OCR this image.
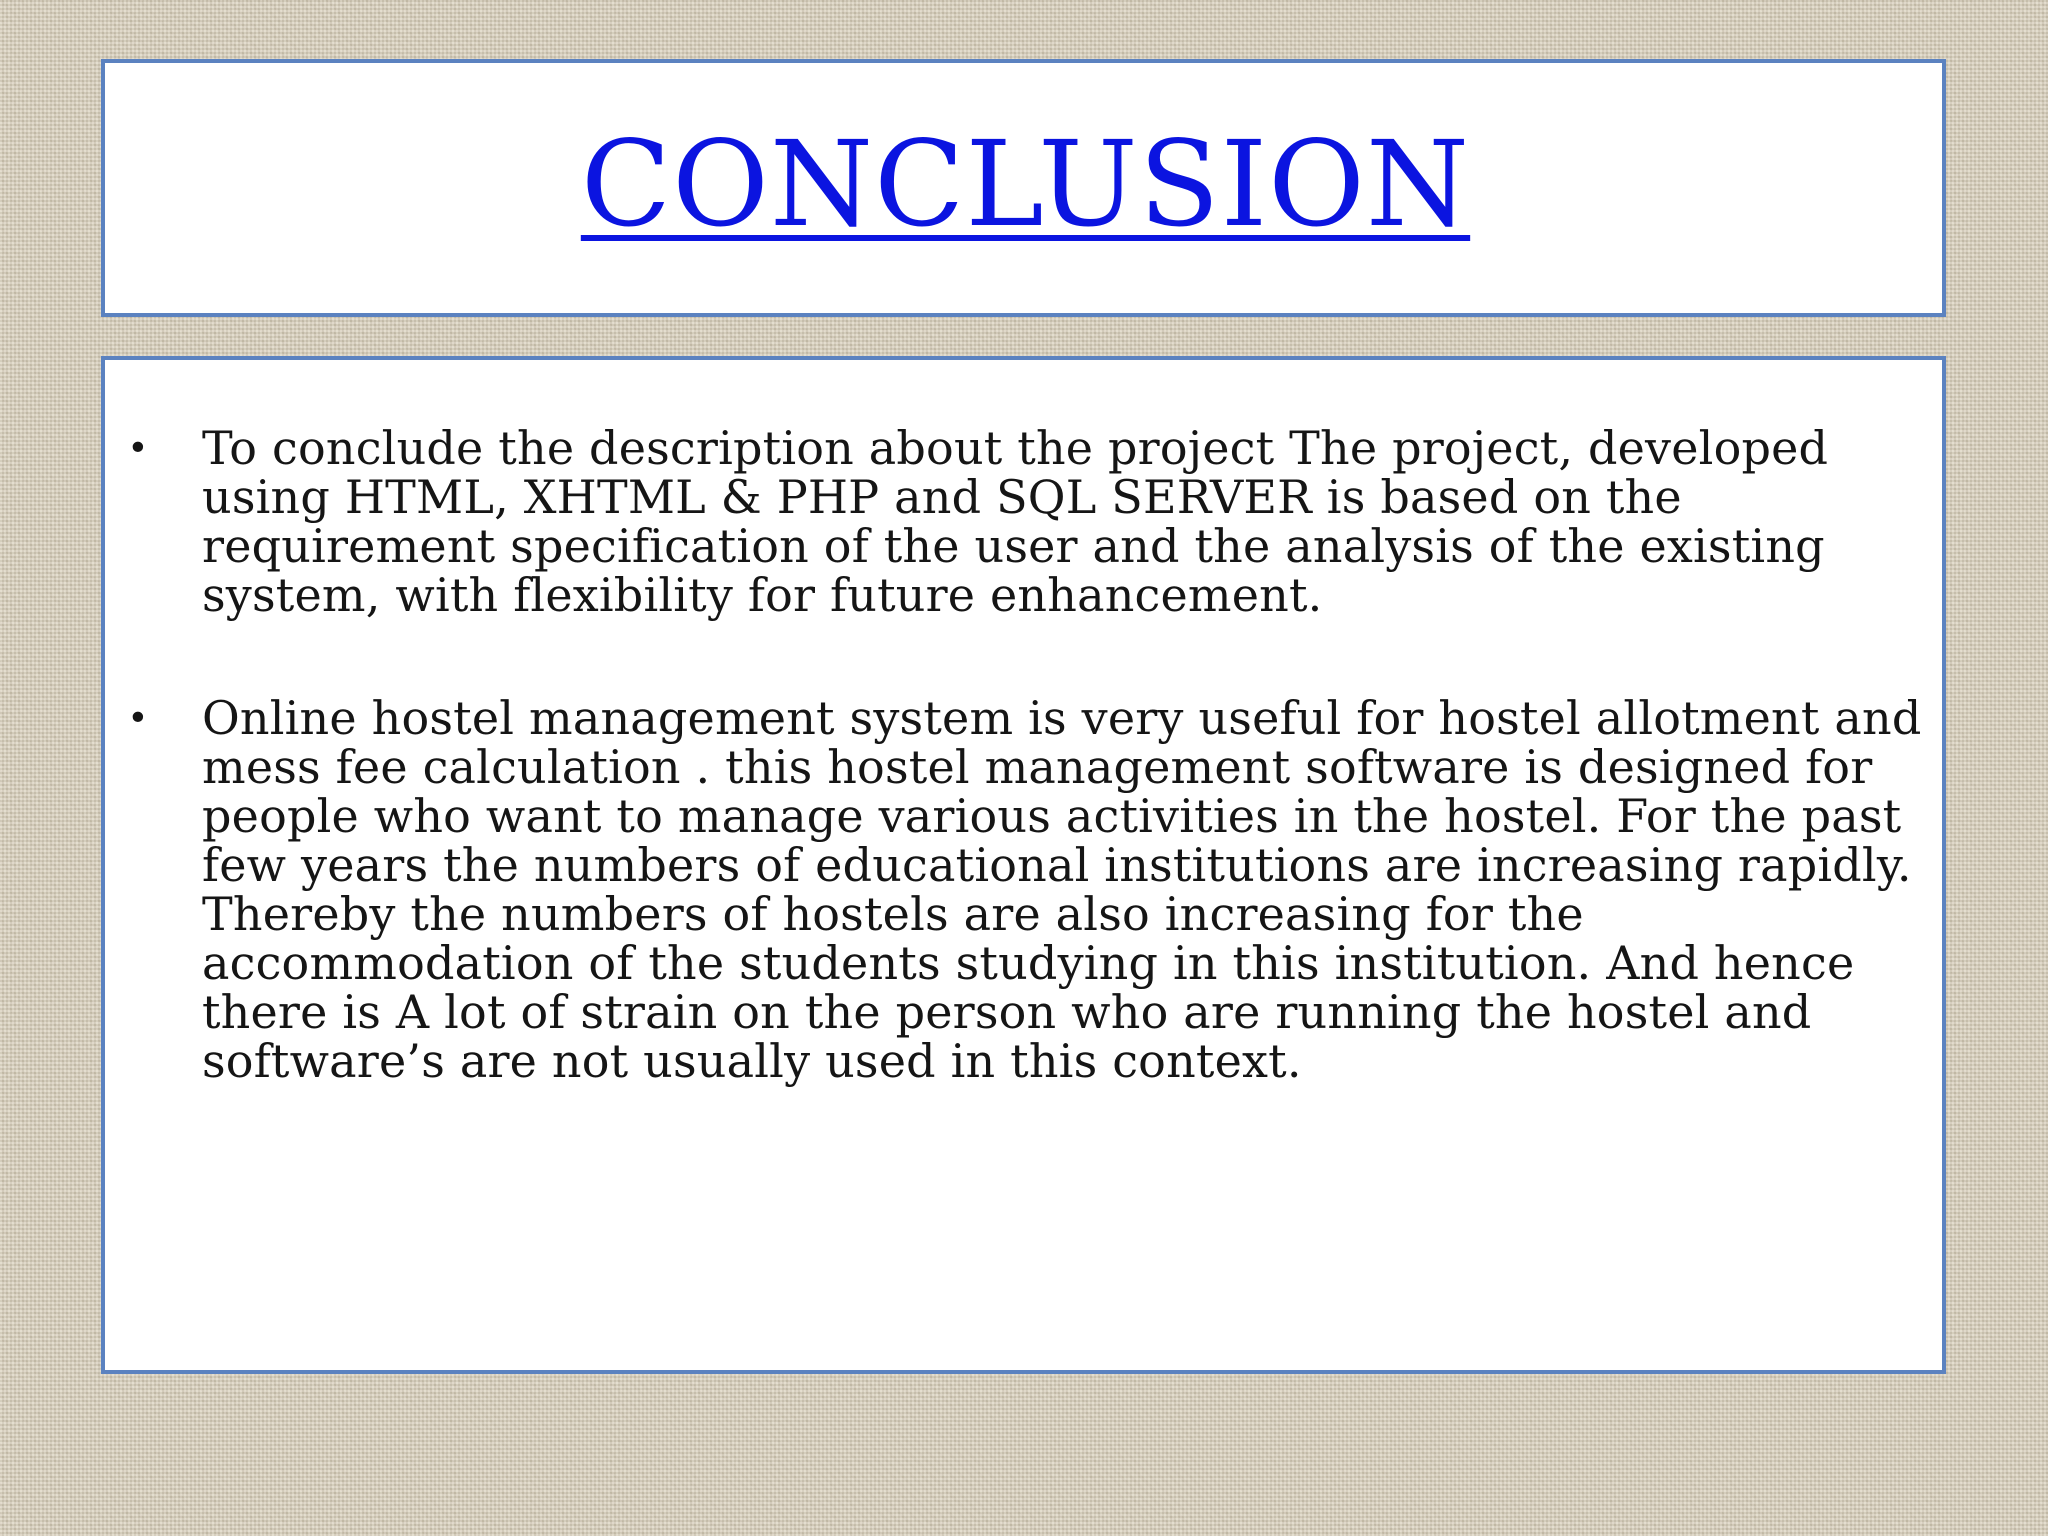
CONCLUSION
• To conclude the description about the project The project, developed using HTML, XHTML & PHP and SQL SERVER is based on the requirement specification of the user and the analysis of the existing system, with flexibility for future enhancement.
• Online hostel management system is very useful for hostel allotment and mess fee calculation . this hostel management software is designed for people who want to manage various activities in the hostel. For the past few years the numbers of educational institutions are increasing rapidly. Thereby the numbers of hostels are also increasing for the accommodation of the students studying in this institution. And hence there is A lot of strain on the person who are running the hostel and software’s are not usually used in this context.
